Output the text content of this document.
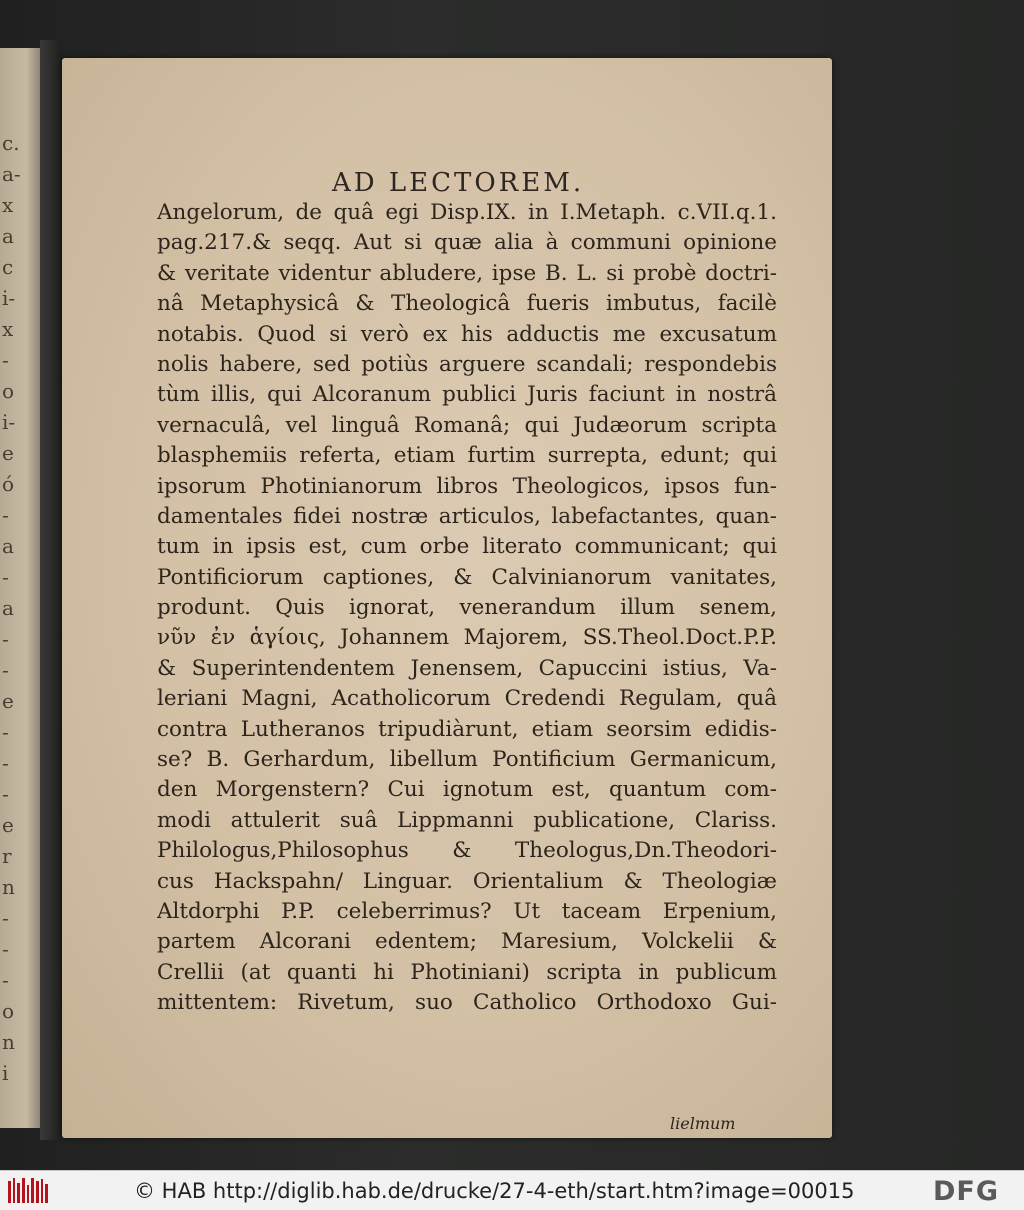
c.
a-
x
a
c
i-
x
-
o
i-
e
ó
-
a
-
a
-
-
e
-
-
-
e
r
n
-
-
-
o
n
i
AD LECTOREM.
Angelorum, de quâ egi Disp.IX. in I.Metaph. c.VII.q.1.
pag.217.& seqq. Aut si quæ alia à communi opinione
& veritate videntur abludere, ipse B. L. si probè doctri-
nâ Metaphysicâ & Theologicâ fueris imbutus, facilè
notabis. Quod si verò ex his adductis me excusatum
nolis habere, sed potiùs arguere scandali; respondebis
tùm illis, qui Alcoranum publici Juris faciunt in nostrâ
vernaculâ, vel linguâ Romanâ; qui Judæorum scripta
blasphemiis referta, etiam furtim surrepta, edunt; qui
ipsorum Photinianorum libros Theologicos, ipsos fun-
damentales fidei nostræ articulos, labefactantes, quan-
tum in ipsis est, cum orbe literato communicant; qui
Pontificiorum captiones, & Calvinianorum vanitates,
produnt. Quis ignorat, venerandum illum senem,
νῦν ἐν ἁγίοις, Johannem Majorem, SS.Theol.Doct.P.P.
& Superintendentem Jenensem, Capuccini istius, Va-
leriani Magni, Acatholicorum Credendi Regulam, quâ
contra Lutheranos tripudiàrunt, etiam seorsim edidis-
se? B. Gerhardum, libellum Pontificium Germanicum,
den Morgenstern? Cui ignotum est, quantum com-
modi attulerit suâ Lippmanni publicatione, Clariss.
Philologus,Philosophus & Theologus,Dn.Theodori-
cus Hackspahn/ Linguar. Orientalium & Theologiæ
Altdorphi P.P. celeberrimus? Ut taceam Erpenium,
partem Alcorani edentem; Maresium, Volckelii &
Crellii (at quanti hi Photiniani) scripta in publicum
mittentem: Rivetum, suo Catholico Orthodoxo Gui-
lielmum
© HAB http://diglib.hab.de/drucke/27-4-eth/start.htm?image=00015	DFG
